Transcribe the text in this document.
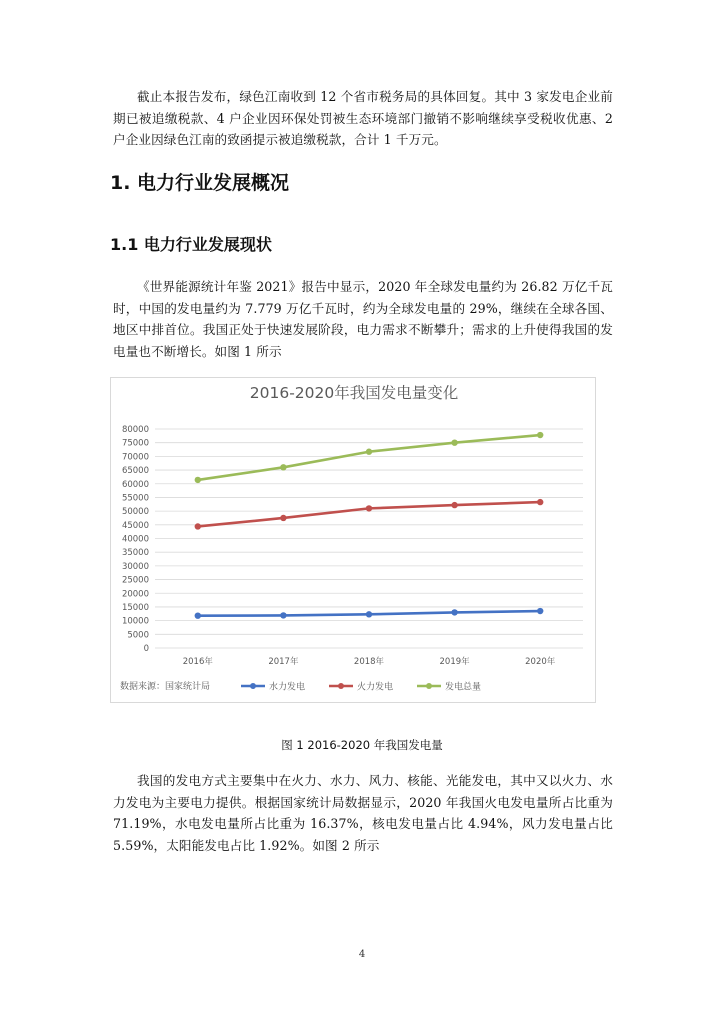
截止本报告发布，绿色江南收到 12 个省市税务局的具体回复。其中 3 家发电企业前期已被追缴税款、4 户企业因环保处罚被生态环境部门撤销不影响继续享受税收优惠、2 户企业因绿色江南的致函提示被追缴税款，合计 1 千万元。

1. 电力行业发展概况
1.1 电力行业发展现状

《世界能源统计年鉴 2021》报告中显示，2020 年全球发电量约为 26.82 万亿千瓦时，中国的发电量约为 7.779 万亿千瓦时，约为全球发电量的 29%，继续在全球各国、地区中排首位。我国正处于快速发展阶段，电力需求不断攀升；需求的上升使得我国的发电量也不断增长。如图 1 所示

2016-2020年我国发电量变化
0
5000
10000
15000
20000
25000
30000
35000
40000
45000
50000
55000
60000
65000
70000
75000
80000
2016年	2017年	2018年	2019年	2020年
数据来源：国家统计局	水力发电	火力发电	发电总量

图 1 2016-2020 年我国发电量

我国的发电方式主要集中在火力、水力、风力、核能、光能发电，其中又以火力、水力发电为主要电力提供。根据国家统计局数据显示，2020 年我国火电发电量所占比重为 71.19%，水电发电量所占比重为 16.37%，核电发电量占比 4.94%，风力发电量占比 5.59%，太阳能发电占比 1.92%。如图 2 所示

4
